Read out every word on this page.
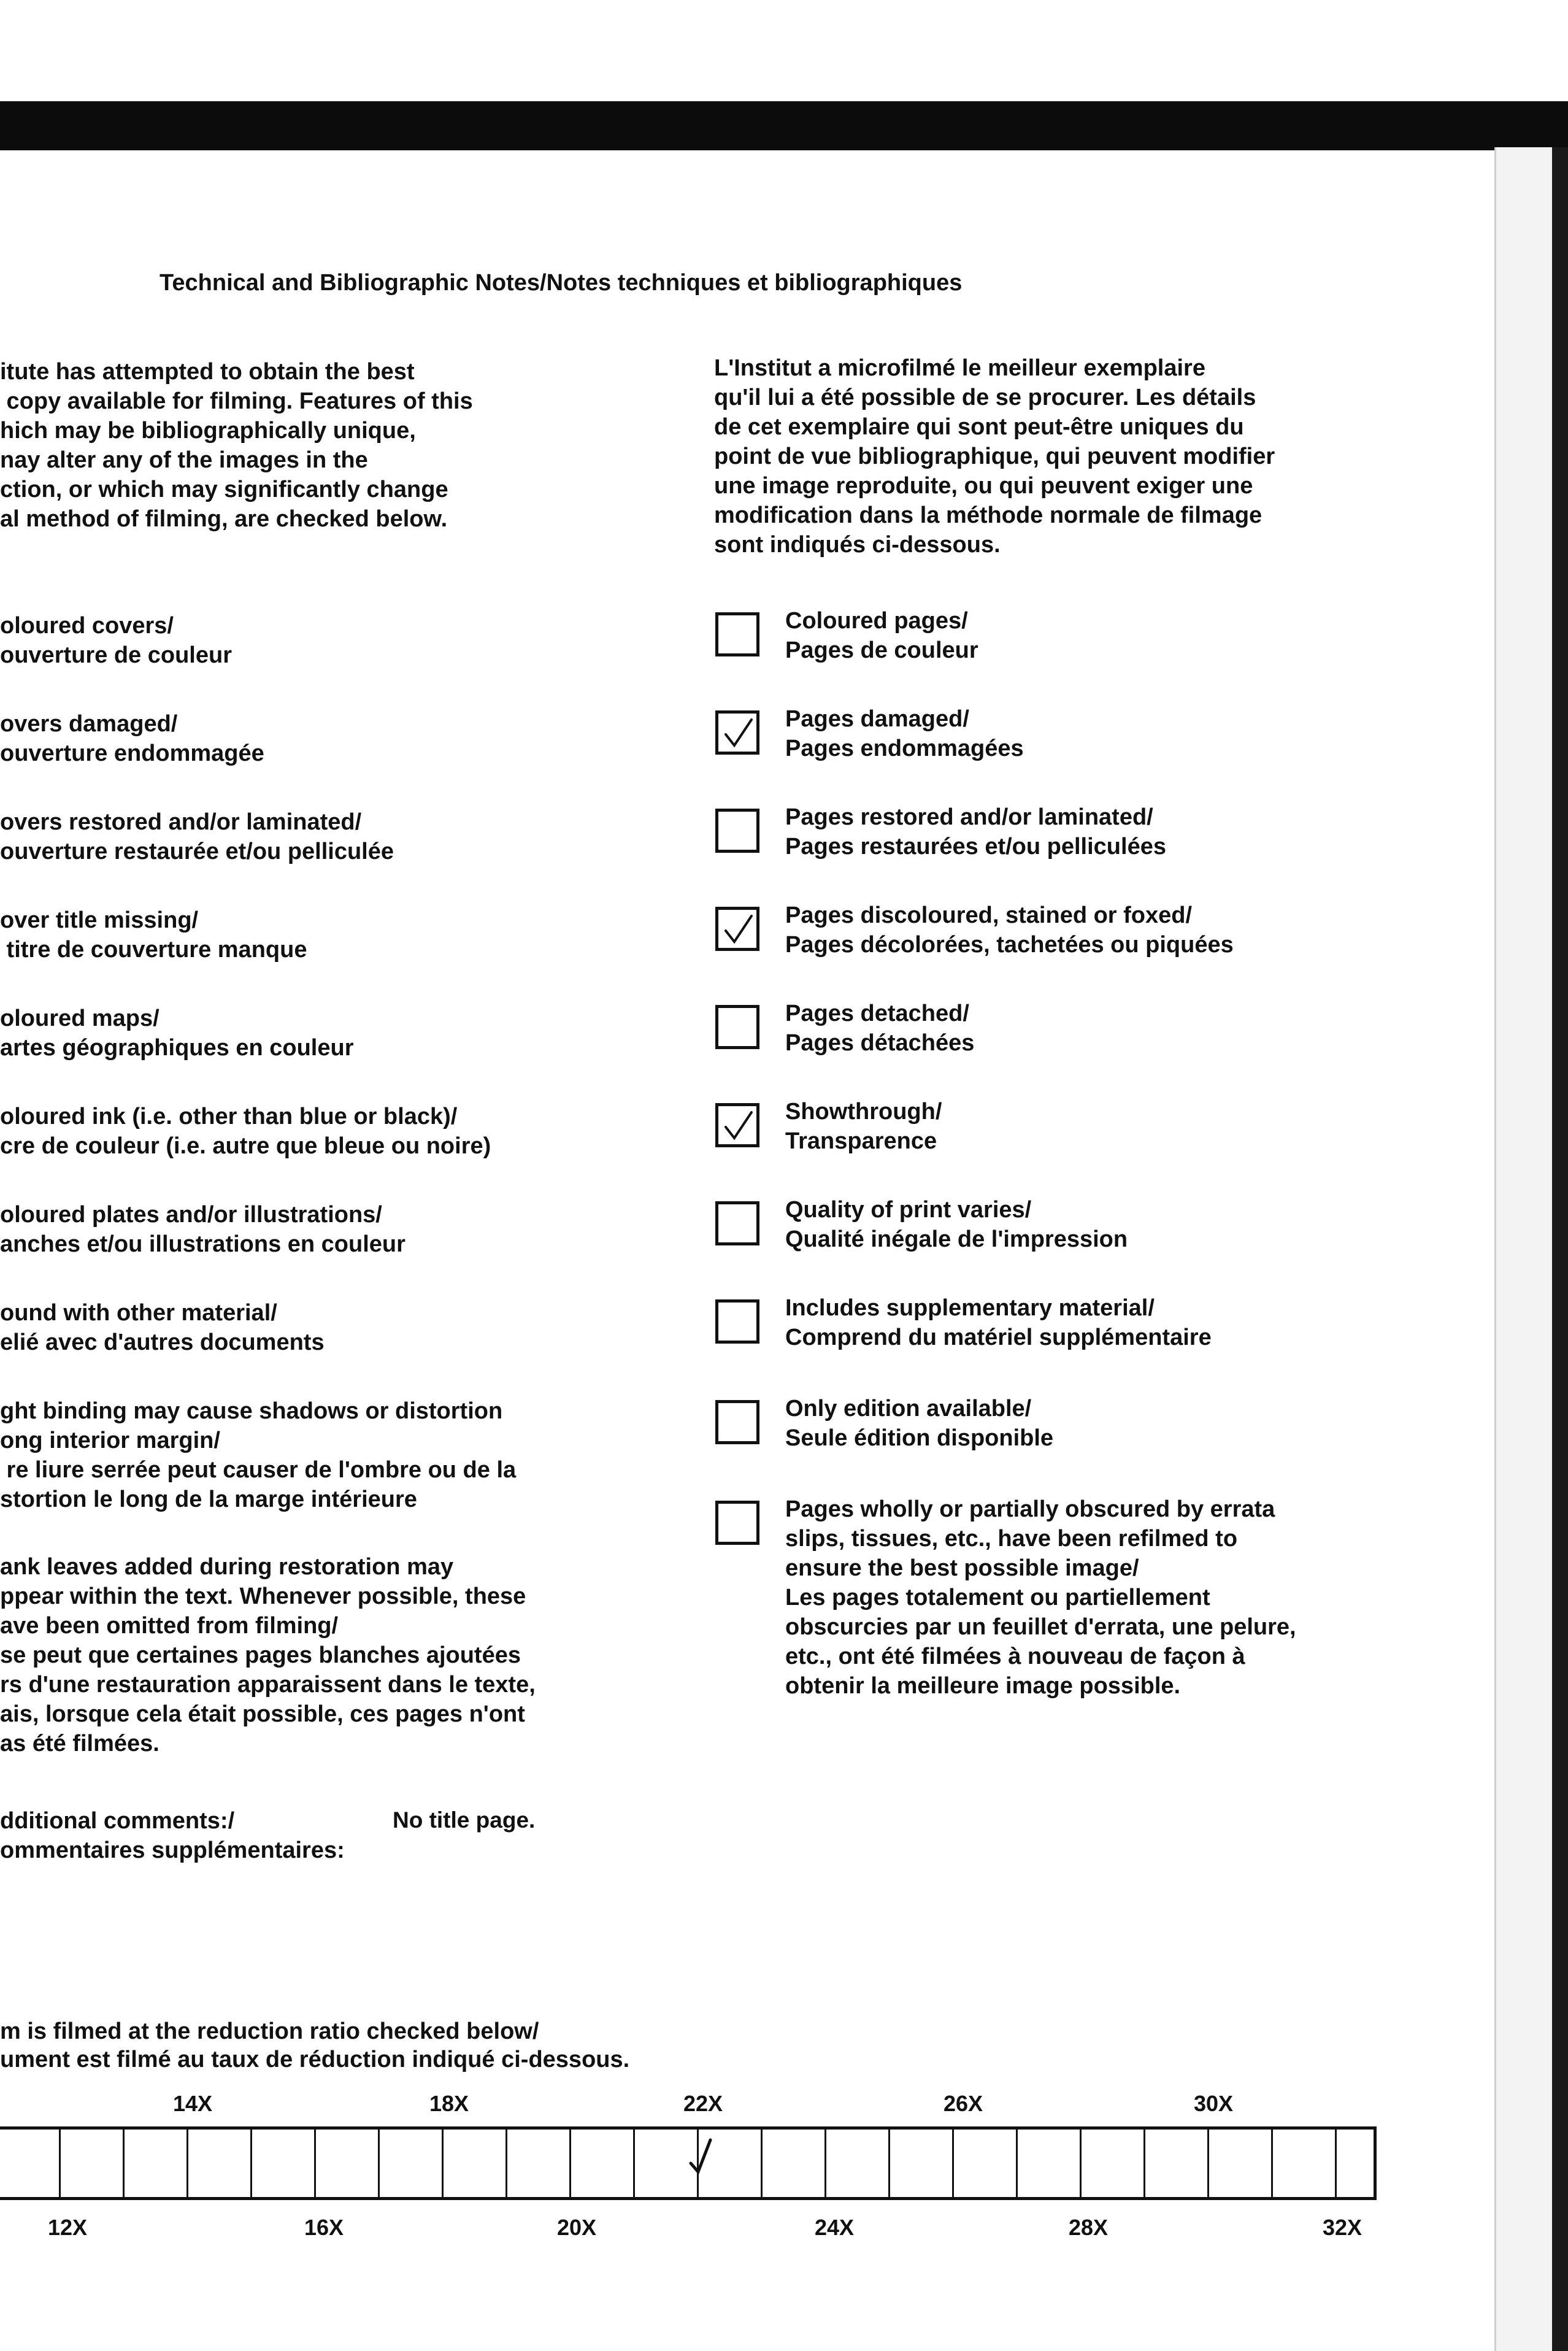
Technical and Bibliographic Notes/Notes techniques et bibliographiques
itute has attempted to obtain the best
copy available for filming. Features of this
hich may be bibliographically unique,
nay alter any of the images in the
ction, or which may significantly change
al method of filming, are checked below.
L'Institut a microfilmé le meilleur exemplaire
qu'il lui a été possible de se procurer. Les détails
de cet exemplaire qui sont peut-être uniques du
point de vue bibliographique, qui peuvent modifier
une image reproduite, ou qui peuvent exiger une
modification dans la méthode normale de filmage
sont indiqués ci-dessous.
oloured covers/
ouverture de couleur
overs damaged/
ouverture endommagée
overs restored and/or laminated/
ouverture restaurée et/ou pelliculée
over title missing/
titre de couverture manque
oloured maps/
artes géographiques en couleur
oloured ink (i.e. other than blue or black)/
cre de couleur (i.e. autre que bleue ou noire)
oloured plates and/or illustrations/
anches et/ou illustrations en couleur
ound with other material/
elié avec d'autres documents
ght binding may cause shadows or distortion
ong interior margin/
re liure serrée peut causer de l'ombre ou de la
stortion le long de la marge intérieure
ank leaves added during restoration may
ppear within the text. Whenever possible, these
ave been omitted from filming/
se peut que certaines pages blanches ajoutées
rs d'une restauration apparaissent dans le texte,
ais, lorsque cela était possible, ces pages n'ont
as été filmées.
dditional comments:/
ommentaires supplémentaires:
Coloured pages/
Pages de couleur
Pages damaged/
Pages endommagées
Pages restored and/or laminated/
Pages restaurées et/ou pelliculées
Pages discoloured, stained or foxed/
Pages décolorées, tachetées ou piquées
Pages detached/
Pages détachées
Showthrough/
Transparence
Quality of print varies/
Qualité inégale de l'impression
Includes supplementary material/
Comprend du matériel supplémentaire
Only edition available/
Seule édition disponible
Pages wholly or partially obscured by errata
slips, tissues, etc., have been refilmed to
ensure the best possible image/
Les pages totalement ou partiellement
obscurcies par un feuillet d'errata, une pelure,
etc., ont été filmées à nouveau de façon à
obtenir la meilleure image possible.
No title page.
m is filmed at the reduction ratio checked below/
ument est filmé au taux de réduction indiqué ci-dessous.
14X	18X	22X	26X	30X
12X	16X	20X	24X	28X	32X
